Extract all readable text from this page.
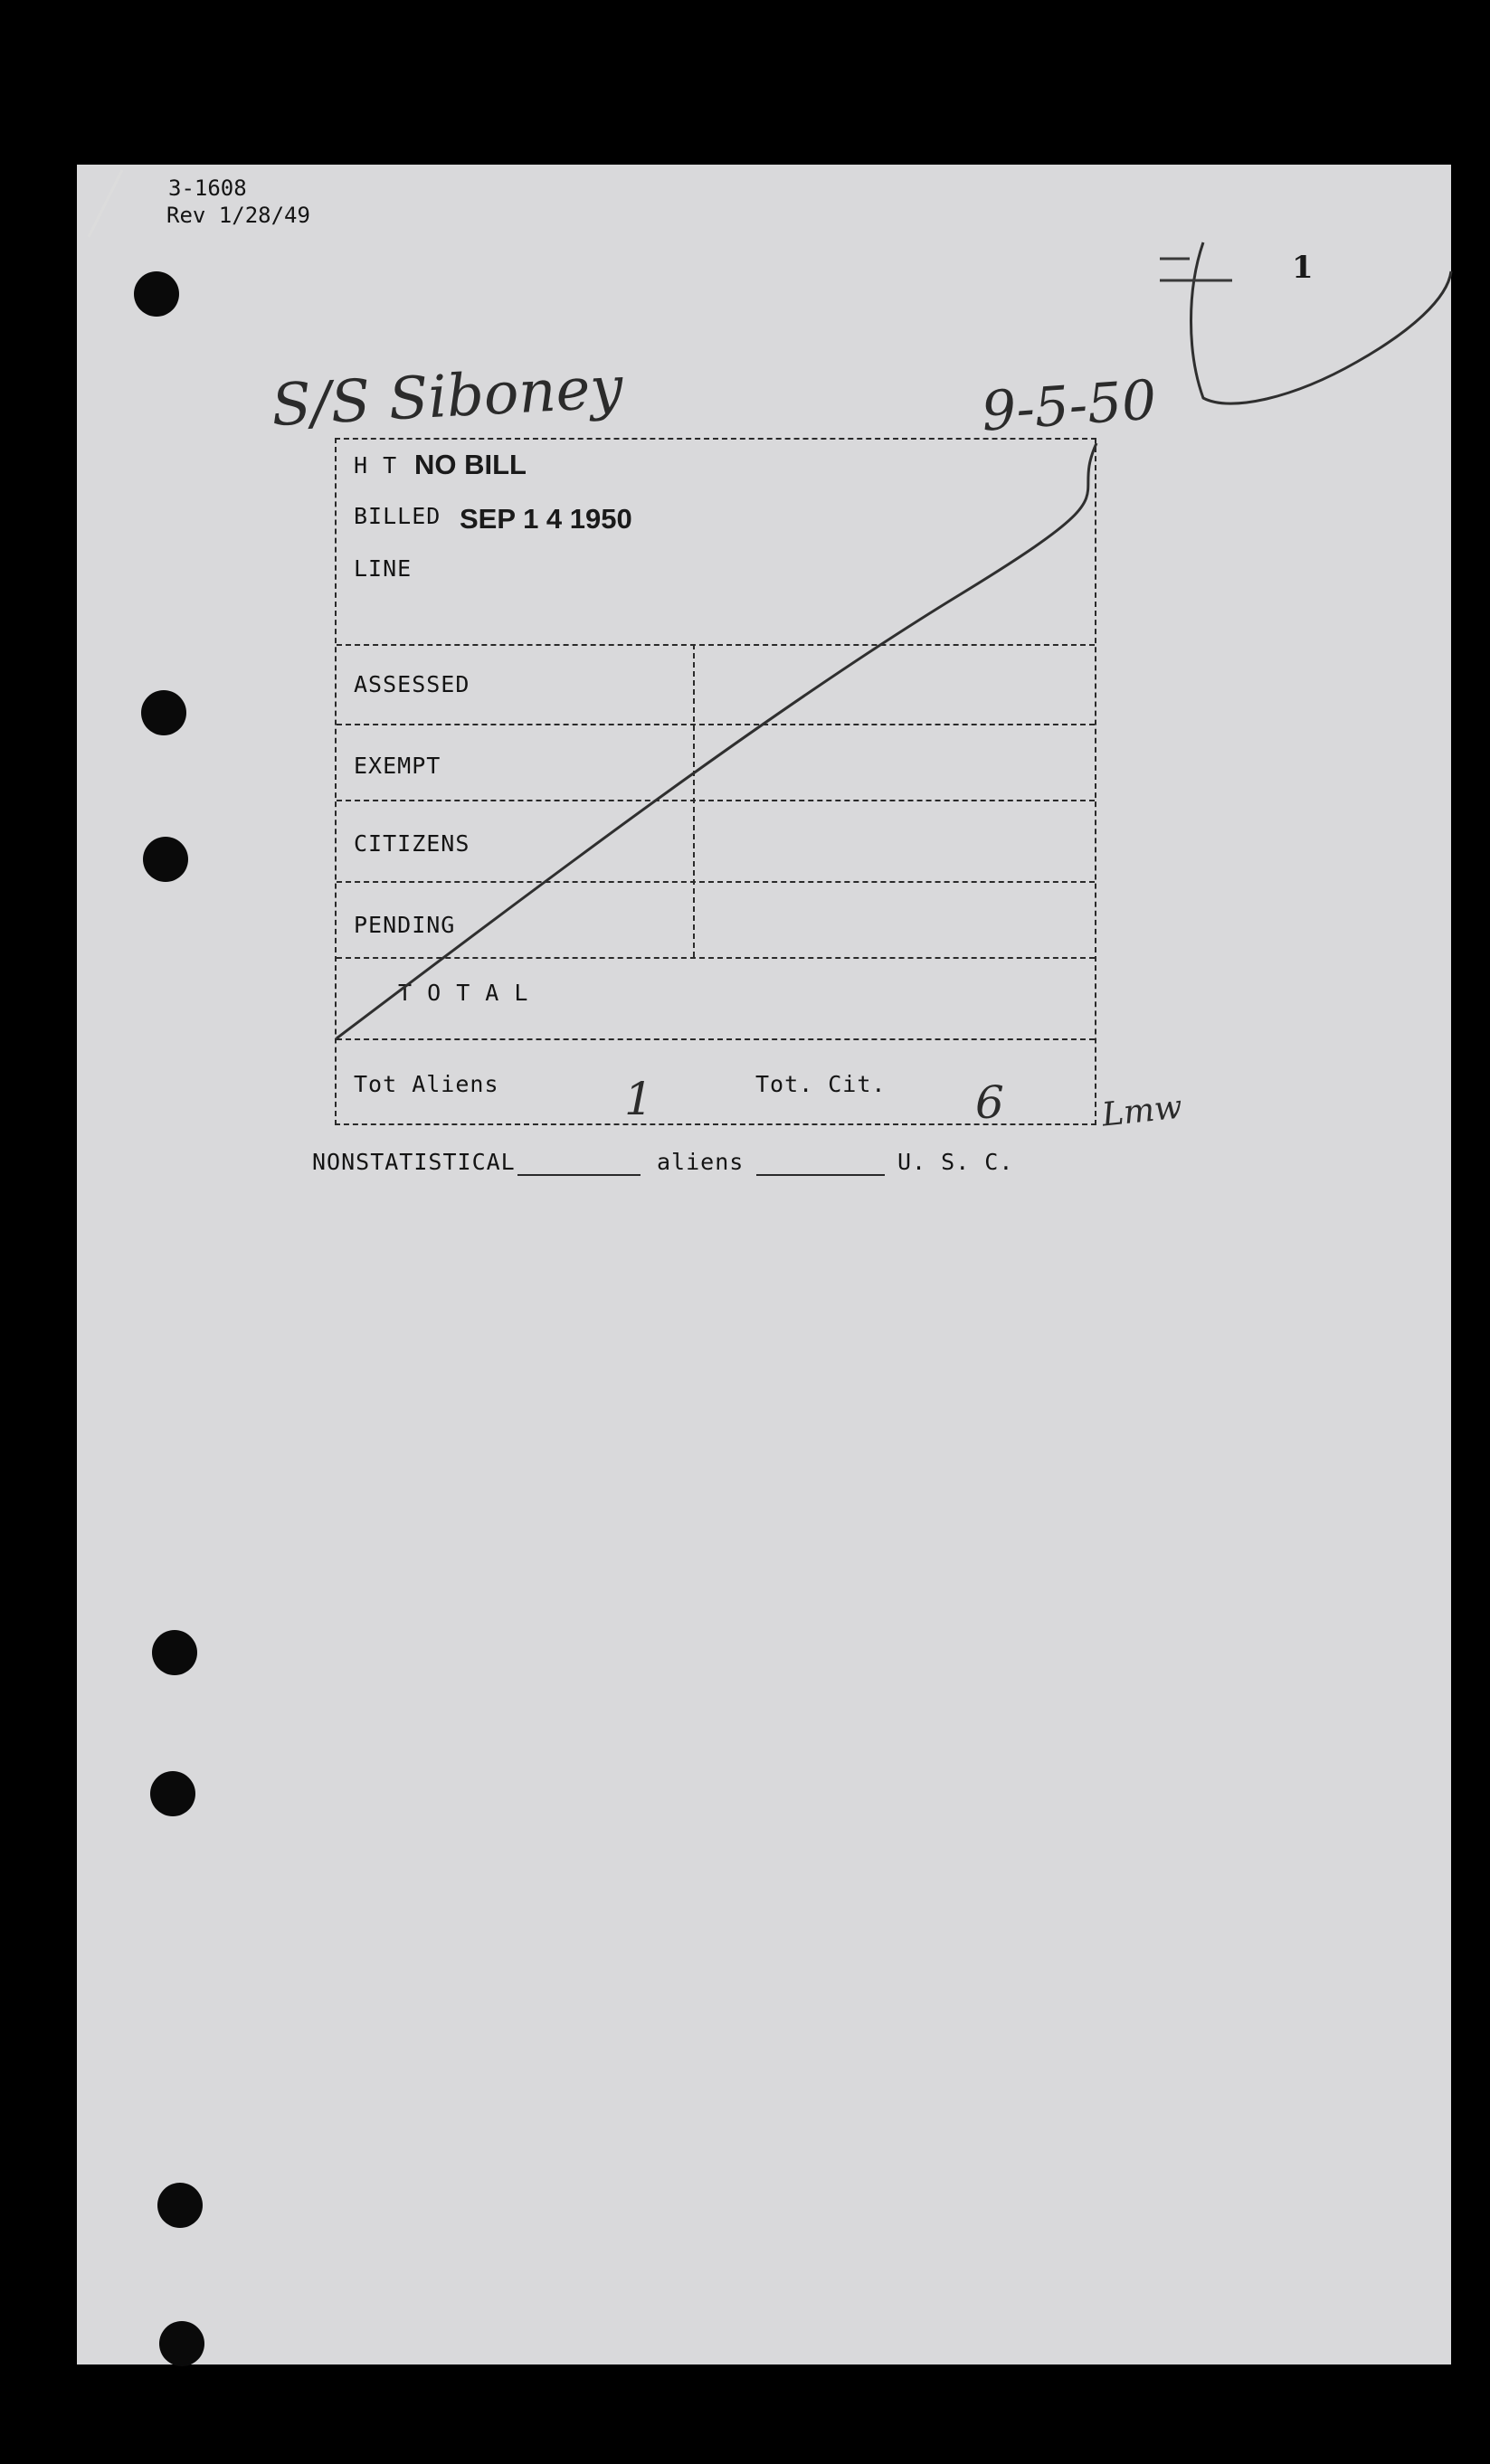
3-1608
Rev 1/28/49
1
S/S Siboney	9-5-50
H T NO BILL
BILLED SEP 1 4 1950
LINE
ASSESSED
EXEMPT
CITIZENS
PENDING
T O T A L
Tot Aliens	1	Tot. Cit. 6	Lmw
NONSTATISTICAL	aliens	U. S. C.
